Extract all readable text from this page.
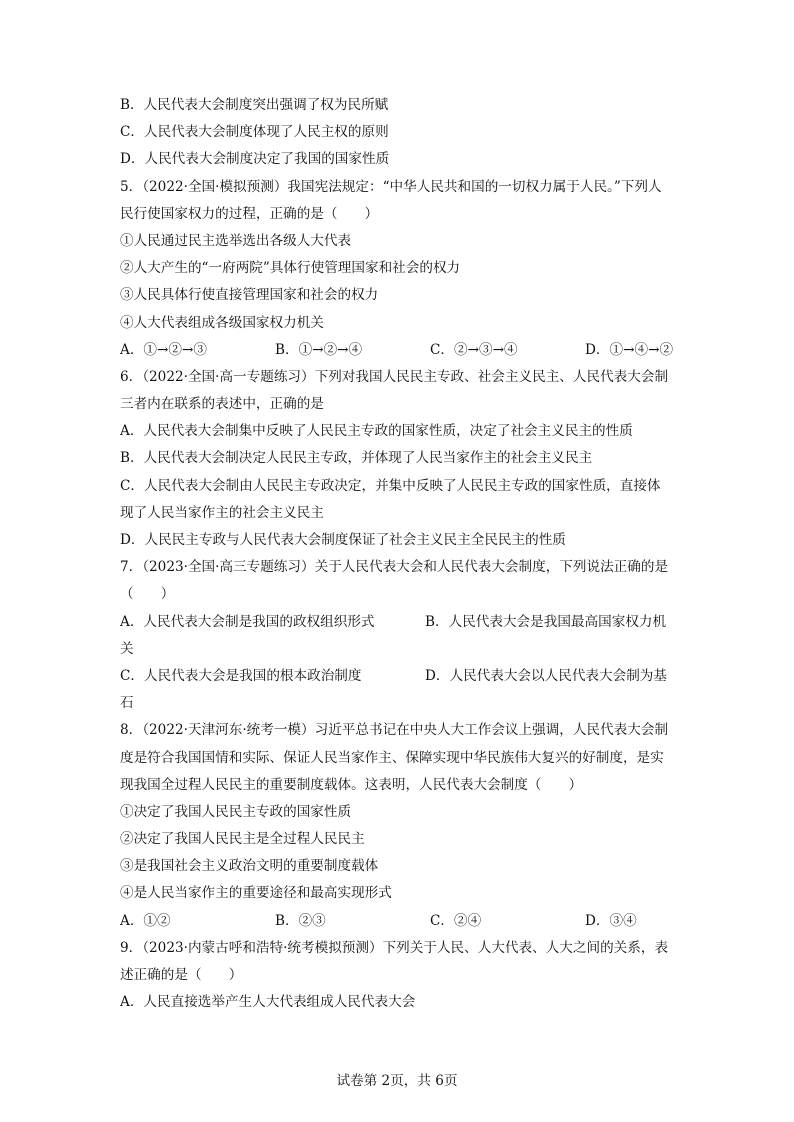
B．人民代表大会制度突出强调了权为民所赋
C．人民代表大会制度体现了人民主权的原则
D．人民代表大会制度决定了我国的国家性质
5．（2022·全国·模拟预测）我国宪法规定：“中华人民共和国的一切权力属于人民。”下列人
民行使国家权力的过程，正确的是（　　）
①人民通过民主选举选出各级人大代表
②人大产生的“一府两院”具体行使管理国家和社会的权力
③人民具体行使直接管理国家和社会的权力
④人大代表组成各级国家权力机关
A．①→②→③	B．①→②→④	C．②→③→④	D．①→④→②
6．（2022·全国·高一专题练习）下列对我国人民民主专政、社会主义民主、人民代表大会制
三者内在联系的表述中，正确的是
A．人民代表大会制集中反映了人民民主专政的国家性质，决定了社会主义民主的性质
B．人民代表大会制决定人民民主专政，并体现了人民当家作主的社会主义民主
C．人民代表大会制由人民民主专政决定，并集中反映了人民民主专政的国家性质，直接体
现了人民当家作主的社会主义民主
D．人民民主专政与人民代表大会制度保证了社会主义民主全民民主的性质
7．（2023·全国·高三专题练习）关于人民代表大会和人民代表大会制度，下列说法正确的是
（　　）
A．人民代表大会制是我国的政权组织形式	B．人民代表大会是我国最高国家权力机
关
C．人民代表大会是我国的根本政治制度	D．人民代表大会以人民代表大会制为基
石
8．（2022·天津河东·统考一模）习近平总书记在中央人大工作会议上强调，人民代表大会制
度是符合我国国情和实际、保证人民当家作主、保障实现中华民族伟大复兴的好制度，是实
现我国全过程人民民主的重要制度载体。这表明，人民代表大会制度（　　）
①决定了我国人民民主专政的国家性质
②决定了我国人民民主是全过程人民民主
③是我国社会主义政治文明的重要制度载体
④是人民当家作主的重要途径和最高实现形式
A．①②	B．②③	C．②④	D．③④
9．（2023·内蒙古呼和浩特·统考模拟预测）下列关于人民、人大代表、人大之间的关系，表
述正确的是（　　）
A．人民直接选举产生人大代表组成人民代表大会
试卷第 2页，共 6页
